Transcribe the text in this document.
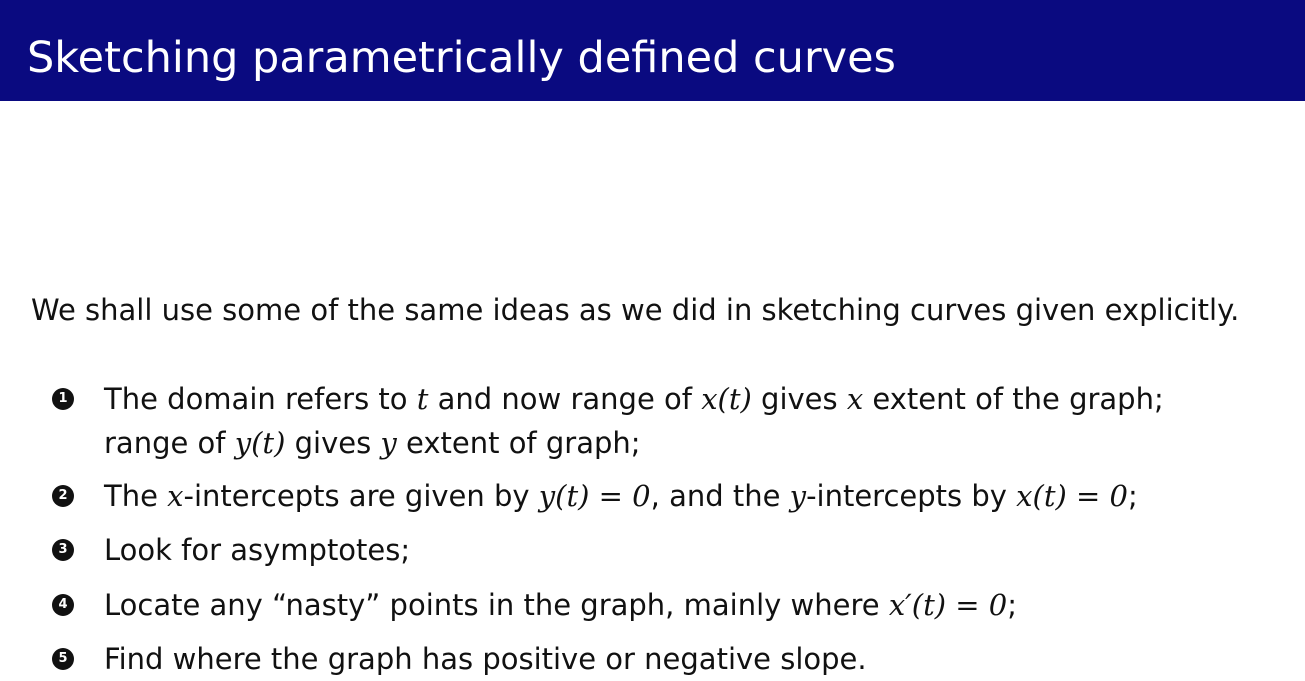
Sketching parametrically defined curves
We shall use some of the same ideas as we did in sketching curves given explicitly.
1 The domain refers to t and now range of x(t) gives x extent of the graph;
range of y(t) gives y extent of graph;
2 The x-intercepts are given by y(t) = 0, and the y-intercepts by x(t) = 0;
3 Look for asymptotes;
4 Locate any “nasty” points in the graph, mainly where x′(t) = 0;
5 Find where the graph has positive or negative slope.
